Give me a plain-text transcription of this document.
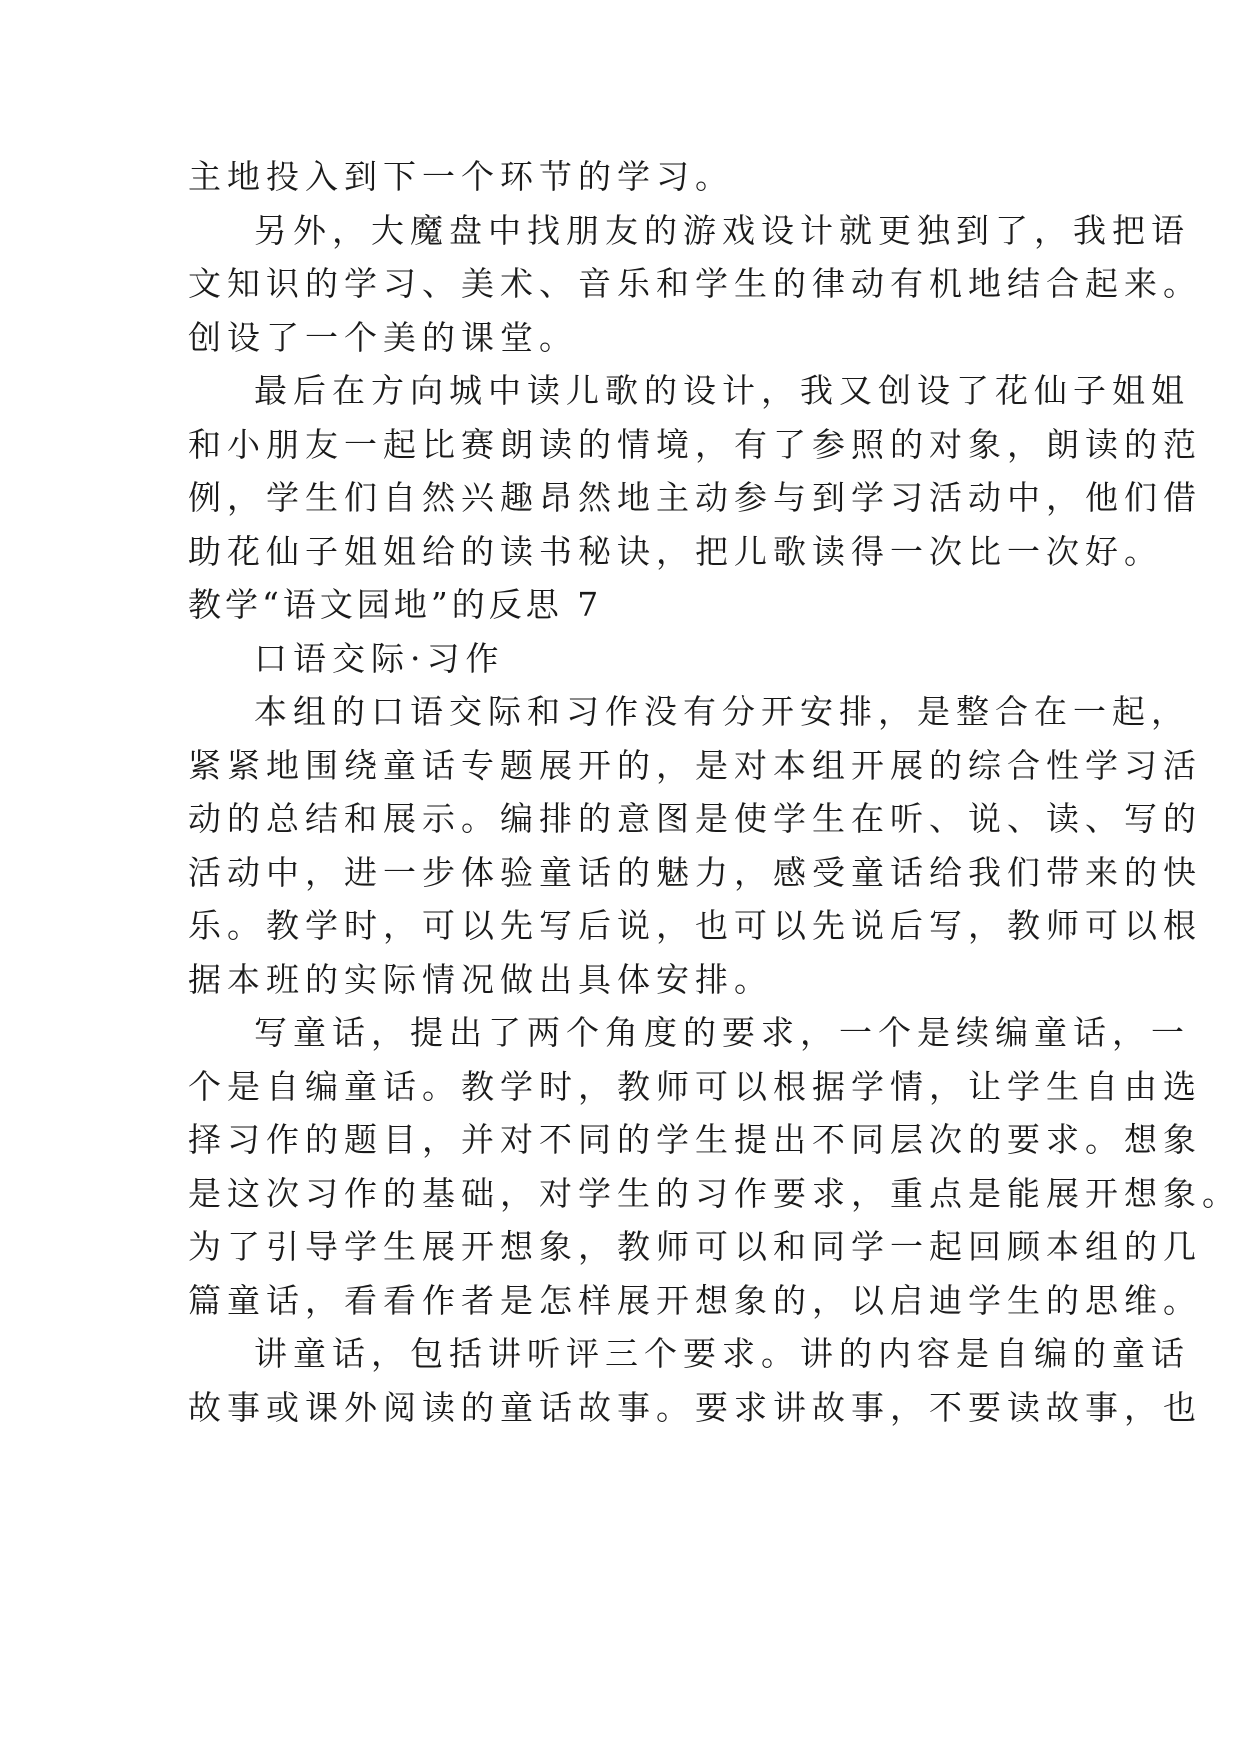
主地投入到下一个环节的学习。
另外，大魔盘中找朋友的游戏设计就更独到了，我把语
文知识的学习、美术、音乐和学生的律动有机地结合起来。
创设了一个美的课堂。
最后在方向城中读儿歌的设计，我又创设了花仙子姐姐
和小朋友一起比赛朗读的情境，有了参照的对象，朗读的范
例，学生们自然兴趣昂然地主动参与到学习活动中，他们借
助花仙子姐姐给的读书秘诀，把儿歌读得一次比一次好。
教学“语文园地”的反思 7
口语交际·习作
本组的口语交际和习作没有分开安排，是整合在一起，
紧紧地围绕童话专题展开的，是对本组开展的综合性学习活
动的总结和展示。编排的意图是使学生在听、说、读、写的
活动中，进一步体验童话的魅力，感受童话给我们带来的快
乐。教学时，可以先写后说，也可以先说后写，教师可以根
据本班的实际情况做出具体安排。
写童话，提出了两个角度的要求，一个是续编童话，一
个是自编童话。教学时，教师可以根据学情，让学生自由选
择习作的题目，并对不同的学生提出不同层次的要求。想象
是这次习作的基础，对学生的习作要求，重点是能展开想象。
为了引导学生展开想象，教师可以和同学一起回顾本组的几
篇童话，看看作者是怎样展开想象的，以启迪学生的思维。
讲童话，包括讲听评三个要求。讲的内容是自编的童话
故事或课外阅读的童话故事。要求讲故事，不要读故事，也
